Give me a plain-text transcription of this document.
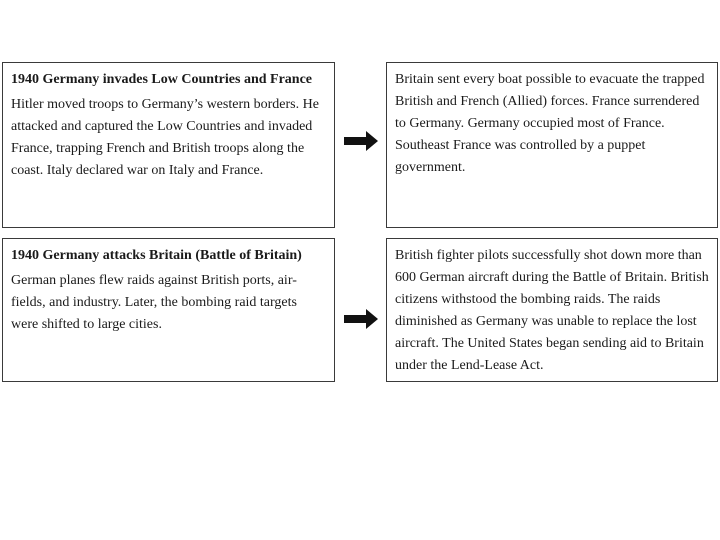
1940 Germany invades Low Countries and France

Hitler moved troops to Germany’s western borders. He attacked and captured the Low Countries and invaded France, trapping French and British troops along the coast. Italy declared war on Italy and France.

Britain sent every boat possible to evacuate the trapped British and French (Allied) forces. France surrendered to Germany. Germany occupied most of France. Southeast France was controlled by a puppet government.

1940 Germany attacks Britain (Battle of Britain)

German planes flew raids against British ports, air-fields, and industry. Later, the bombing raid targets were shifted to large cities.

British fighter pilots successfully shot down more than 600 German aircraft during the Battle of Britain. British citizens withstood the bombing raids. The raids diminished as Germany was unable to replace the lost aircraft. The United States began sending aid to Britain under the Lend-Lease Act.
